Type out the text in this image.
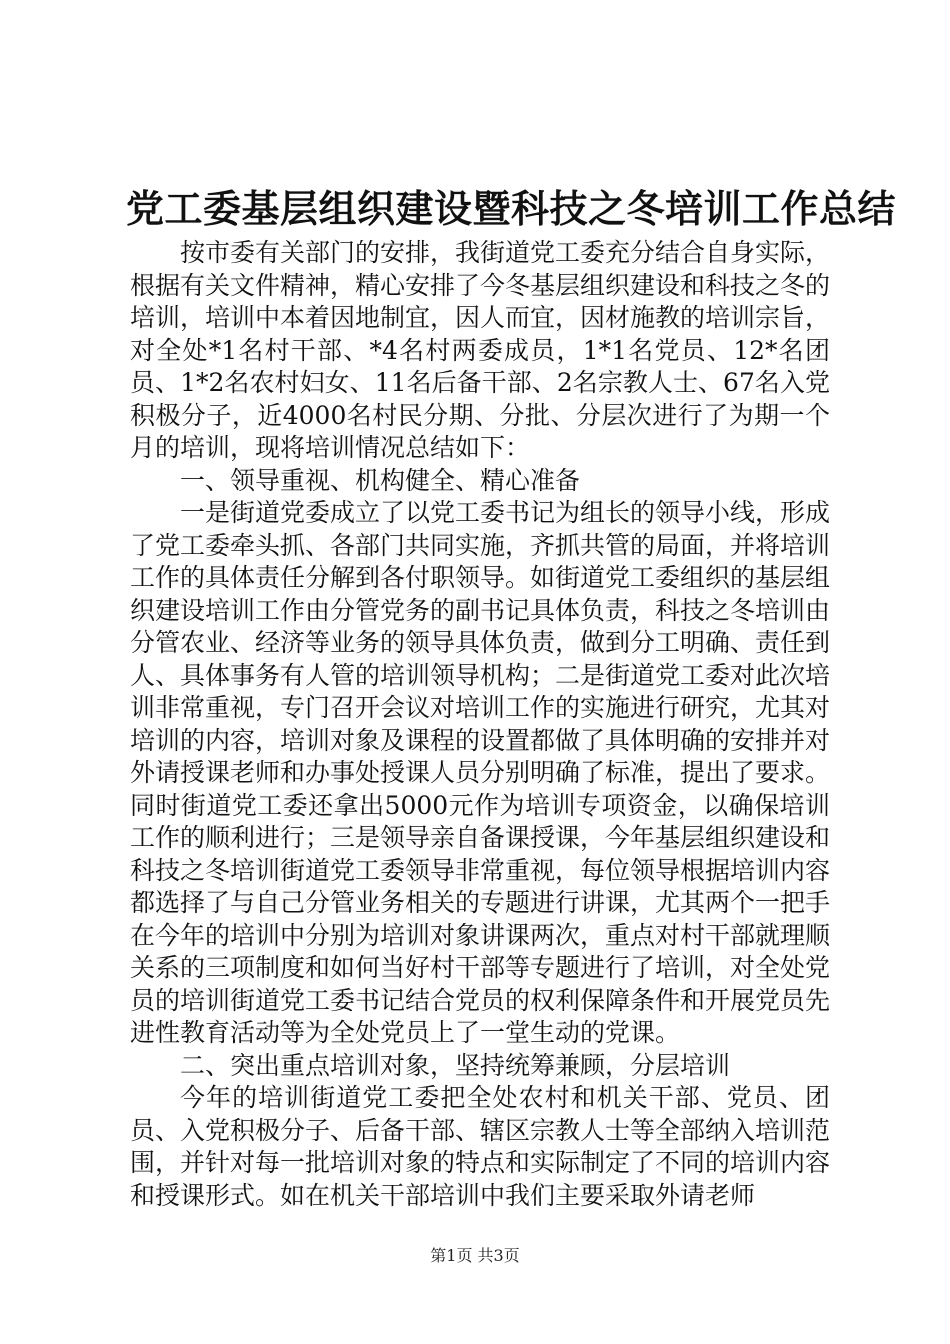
党工委基层组织建设暨科技之冬培训工作总结

按市委有关部门的安排，我街道党工委充分结合自身实际，根据有关文件精神，精心安排了今冬基层组织建设和科技之冬的培训，培训中本着因地制宜，因人而宜，因材施教的培训宗旨，对全处*1名村干部、*4名村两委成员，1*1名党员、12*名团员、1*2名农村妇女、11名后备干部、2名宗教人士、67名入党积极分子，近4000名村民分期、分批、分层次进行了为期一个月的培训，现将培训情况总结如下：

一、领导重视、机构健全、精心准备

一是街道党委成立了以党工委书记为组长的领导小线，形成了党工委牵头抓、各部门共同实施，齐抓共管的局面，并将培训工作的具体责任分解到各付职领导。如街道党工委组织的基层组织建设培训工作由分管党务的副书记具体负责，科技之冬培训由分管农业、经济等业务的领导具体负责，做到分工明确、责任到人、具体事务有人管的培训领导机构；二是街道党工委对此次培训非常重视，专门召开会议对培训工作的实施进行研究，尤其对培训的内容，培训对象及课程的设置都做了具体明确的安排并对外请授课老师和办事处授课人员分别明确了标准，提出了要求。同时街道党工委还拿出5000元作为培训专项资金，以确保培训工作的顺利进行；三是领导亲自备课授课，今年基层组织建设和科技之冬培训街道党工委领导非常重视，每位领导根据培训内容都选择了与自己分管业务相关的专题进行讲课，尤其两个一把手在今年的培训中分别为培训对象讲课两次，重点对村干部就理顺关系的三项制度和如何当好村干部等专题进行了培训，对全处党员的培训街道党工委书记结合党员的权利保障条件和开展党员先进性教育活动等为全处党员上了一堂生动的党课。

二、突出重点培训对象，坚持统筹兼顾，分层培训

今年的培训街道党工委把全处农村和机关干部、党员、团员、入党积极分子、后备干部、辖区宗教人士等全部纳入培训范围，并针对每一批培训对象的特点和实际制定了不同的培训内容和授课形式。如在机关干部培训中我们主要采取外请老师

第1页 共3页
